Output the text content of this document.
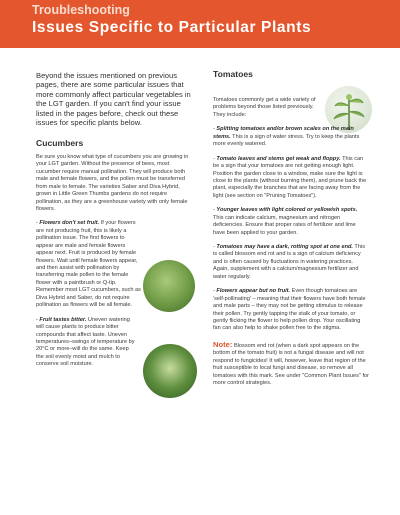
Troubleshooting
Issues Specific to Particular Plants

Beyond the issues mentioned on previous pages, there are some particular issues that more commonly affect particular vegetables in the LGT garden. If you can't find your issue listed in the pages before, check out these issues for specific plants below.

Cucumbers

Be sure you know what type of cucumbers you are growing in your LGT garden. Without the presence of bees, most cucumber require manual pollination. They will produce both male and female flowers, and the pollen must be transferred from male to female. The varieties Saber and Diva Hybrid, grown in Little Green Thumbs gardens do not require pollination, as they are a greenhouse variety with only female flowers.

- Flowers don't set fruit. If your flowers are not producing fruit, this is likely a pollination issue. The first flowers to appear are male and female flowers appear next. Fruit is produced by female flowers. Wait until female flowers appear, and then assist with pollination by transferring male pollen to the female flower with a paintbrush or Q-tip. Remember most LGT cucumbers, such as Diva Hybrid and Saber, do not require pollination as flowers will be all female.

- Fruit tastes bitter. Uneven watering will cause plants to produce bitter compounds that affect taste. Uneven temperatures–swings of temperature by 20°C or more–will do the same. Keep the soil evenly moist and mulch to conserve soil moisture.

Tomatoes

Tomatoes commonly get a wide variety of problems beyond those listed previously. They include:

- Splitting tomatoes and/or brown scales on the main stems. This is a sign of water stress. Try to keep the plants more evenly watered.

- Tomato leaves and stems get weak and floppy. This can be a sign that your tomatoes are not getting enough light. Position the garden close to a window, make sure the light is close to the plants (without burning them), and prune back the plant, especially the branches that are facing away from the light (see section on "Pruning Tomatoes").

- Younger leaves with light colored or yellowish spots. This can indicate calcium, magnesium and nitrogen deficiencies. Ensure that proper rates of fertilizer and lime have been applied to your garden.

- Tomatoes may have a dark, rotting spot at one end. This is called blossom end rot and is a sign of calcium deficiency and is often caused by fluctuations in watering practices. Again, supplement with a calcium/magnesium fertilizer and water regularly.

- Flowers appear but no fruit. Even though tomatoes are 'self-pollinating' – meaning that their flowers have both female and male parts – they may not be getting stimulus to release their pollen. Try gently tapping the stalk of your tomato, or gently flicking the flower to help pollen drop. Your oscillating fan can also help to shake pollen free to the stigma.

Note: Blossom end rot (when a dark spot appears on the bottom of the tomato fruit) is not a fungal disease and will not respond to fungicides! It will, however, leave that region of the fruit susceptible to local fungi and disease, so remove all tomatoes with this mark. See under "Common Plant Issues" for more control strategies.
